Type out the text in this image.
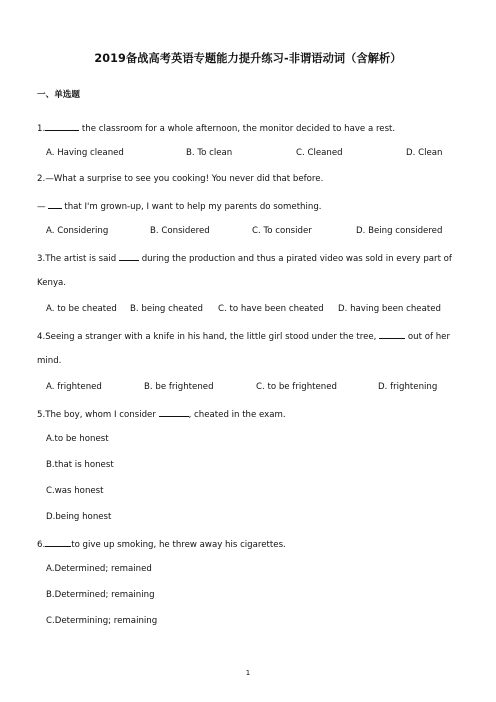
2019备战高考英语专题能力提升练习-非谓语动词（含解析）
一、单选题
1.	the classroom for a whole afternoon, the monitor decided to have a rest.
A. Having cleaned	B. To clean	C. Cleaned	D. Clean
2.—What a surprise to see you cooking! You never did that before.
— that I'm grown-up, I want to help my parents do something.
A. Considering	B. Considered	C. To consider	D. Being considered
3.The artist is said  during the production and thus a pirated video was sold in every part of
Kenya.
A. to be cheated B. being cheated C. to have been cheated D. having been cheated
4.Seeing a stranger with a knife in his hand, the little girl stood under the tree,	out of her
mind.
A. frightened	B. be frightened	C. to be frightened	D. frightening
5.The boy, whom I consider	, cheated in the exam.
A.to be honest
B.that is honest
C.was honest
D.being honest
6.	to give up smoking, he threw away his cigarettes.
A.Determined; remained
B.Determined; remaining
C.Determining; remaining
1
